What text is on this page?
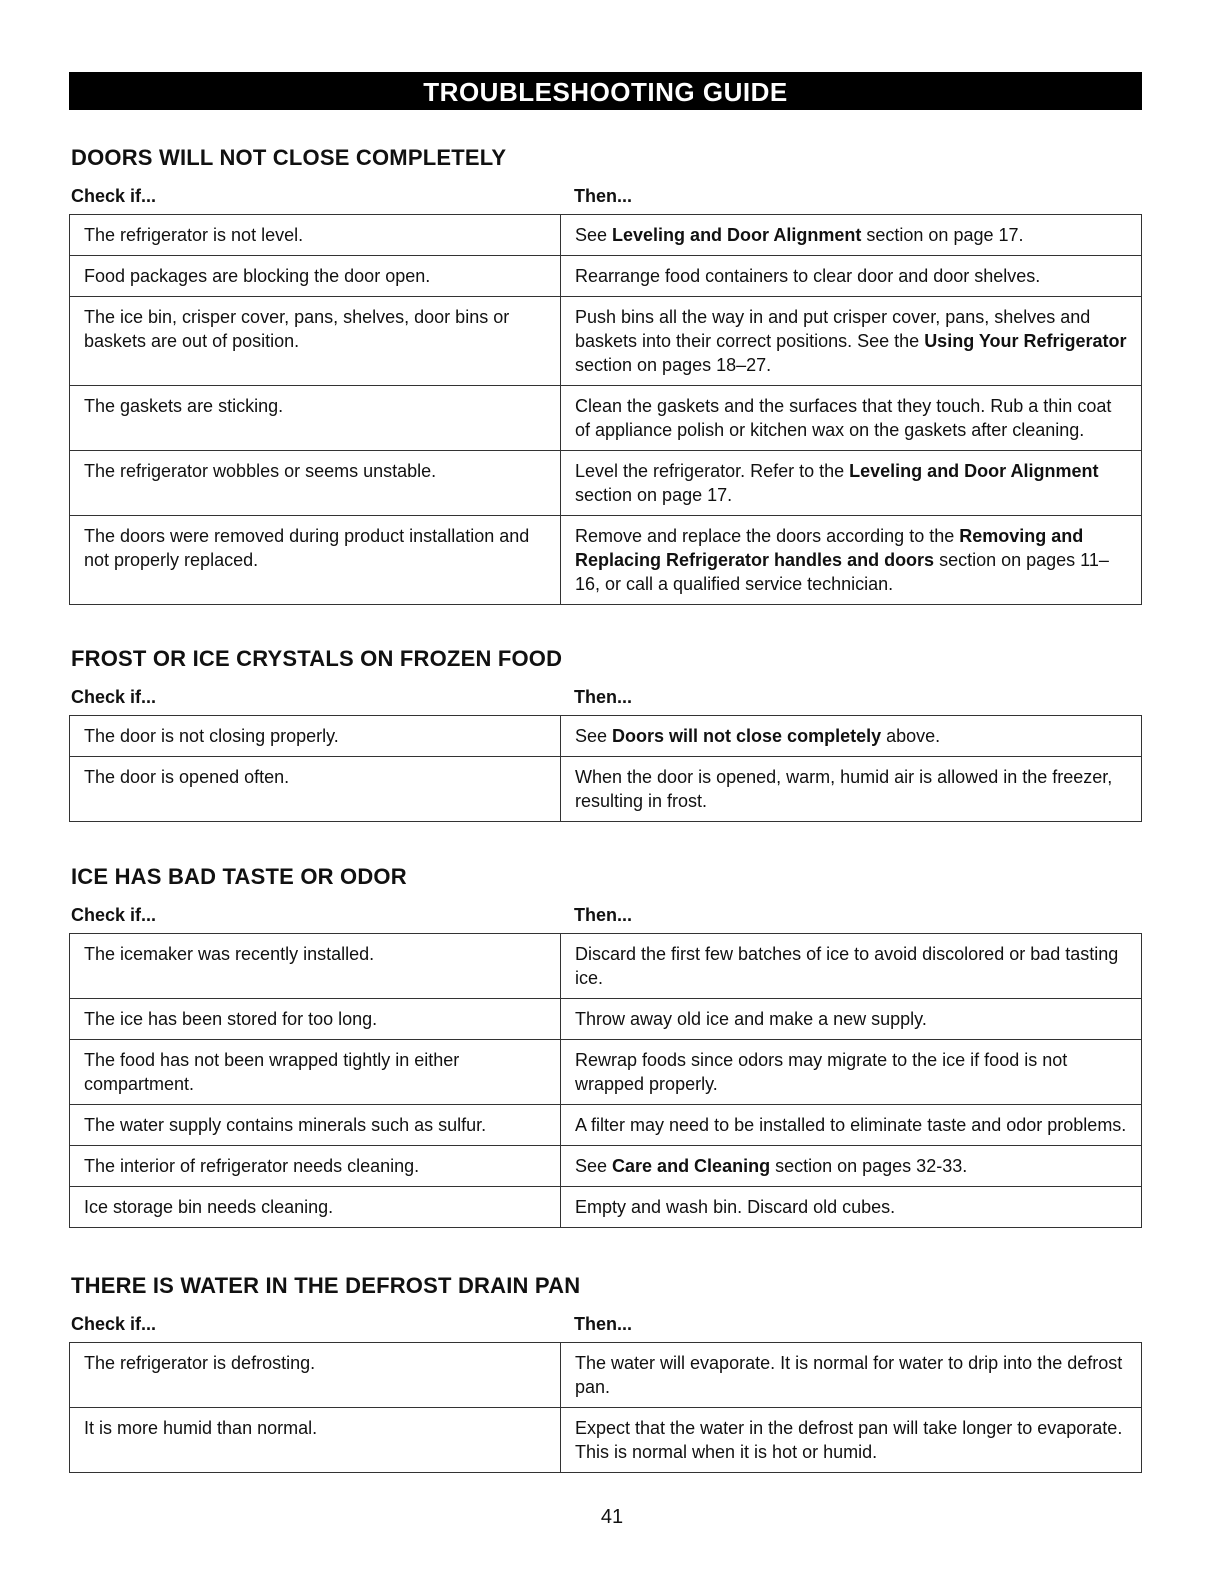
TROUBLESHOOTING GUIDE
DOORS WILL NOT CLOSE COMPLETELY
Check if...	Then...
The refrigerator is not level.	See Leveling and Door Alignment section on page 17.
Food packages are blocking the door open.	Rearrange food containers to clear door and door shelves.
The ice bin, crisper cover, pans, shelves, door bins or baskets are out of position.	Push bins all the way in and put crisper cover, pans, shelves and baskets into their correct positions. See the Using Your Refrigerator section on pages 18–27.
The gaskets are sticking.	Clean the gaskets and the surfaces that they touch. Rub a thin coat of appliance polish or kitchen wax on the gaskets after cleaning.
The refrigerator wobbles or seems unstable.	Level the refrigerator. Refer to the Leveling and Door Alignment section on page 17.
The doors were removed during product installation and not properly replaced.	Remove and replace the doors according to the Removing and Replacing Refrigerator handles and doors section on pages 11–16, or call a qualified service technician.
FROST OR ICE CRYSTALS ON FROZEN FOOD
Check if...	Then...
The door is not closing properly.	See Doors will not close completely above.
The door is opened often.	When the door is opened, warm, humid air is allowed in the freezer, resulting in frost.
ICE HAS BAD TASTE OR ODOR
Check if...	Then...
The icemaker was recently installed.	Discard the first few batches of ice to avoid discolored or bad tasting ice.
The ice has been stored for too long.	Throw away old ice and make a new supply.
The food has not been wrapped tightly in either compartment.	Rewrap foods since odors may migrate to the ice if food is not wrapped properly.
The water supply contains minerals such as sulfur.	A filter may need to be installed to eliminate taste and odor problems.
The interior of refrigerator needs cleaning.	See Care and Cleaning section on pages 32-33.
Ice storage bin needs cleaning.	Empty and wash bin. Discard old cubes.
THERE IS WATER IN THE DEFROST DRAIN PAN
Check if...	Then...
The refrigerator is defrosting.	The water will evaporate. It is normal for water to drip into the defrost pan.
It is more humid than normal.	Expect that the water in the defrost pan will take longer to evaporate. This is normal when it is hot or humid.
41
